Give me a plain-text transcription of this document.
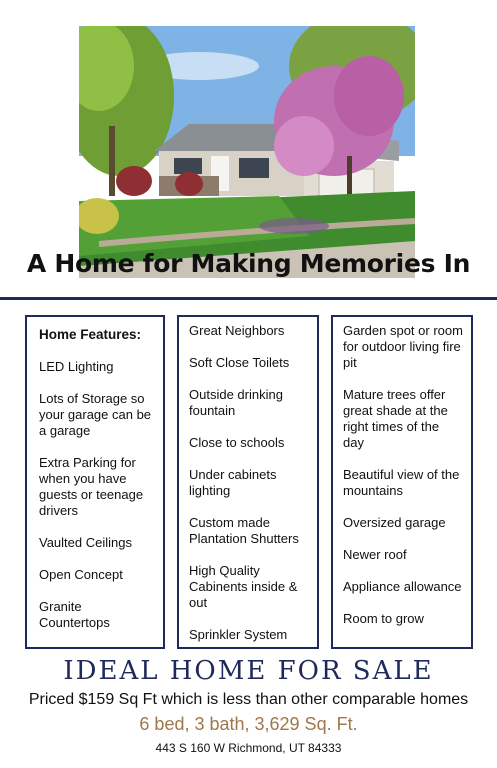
A Home for Making Memories In
Home Features:
LED Lighting
Lots of Storage so your garage can be a garage
Extra Parking for when you have guests or teenage drivers
Vaulted Ceilings
Open Concept
Granite Countertops
Great Neighbors
Soft Close Toilets
Outside drinking fountain
Close to schools
Under cabinets lighting
Custom made Plantation Shutters
High Quality Cabinents inside & out
Sprinkler System
Garden spot or room for outdoor living fire pit
Mature trees offer great shade at the right times of the day
Beautiful view of the mountains
Oversized garage
Newer roof
Appliance allowance
Room to grow
IDEAL HOME FOR SALE
Priced $159 Sq Ft which is less than other comparable homes
6 bed, 3 bath, 3,629 Sq. Ft.
443 S 160 W Richmond, UT 84333
